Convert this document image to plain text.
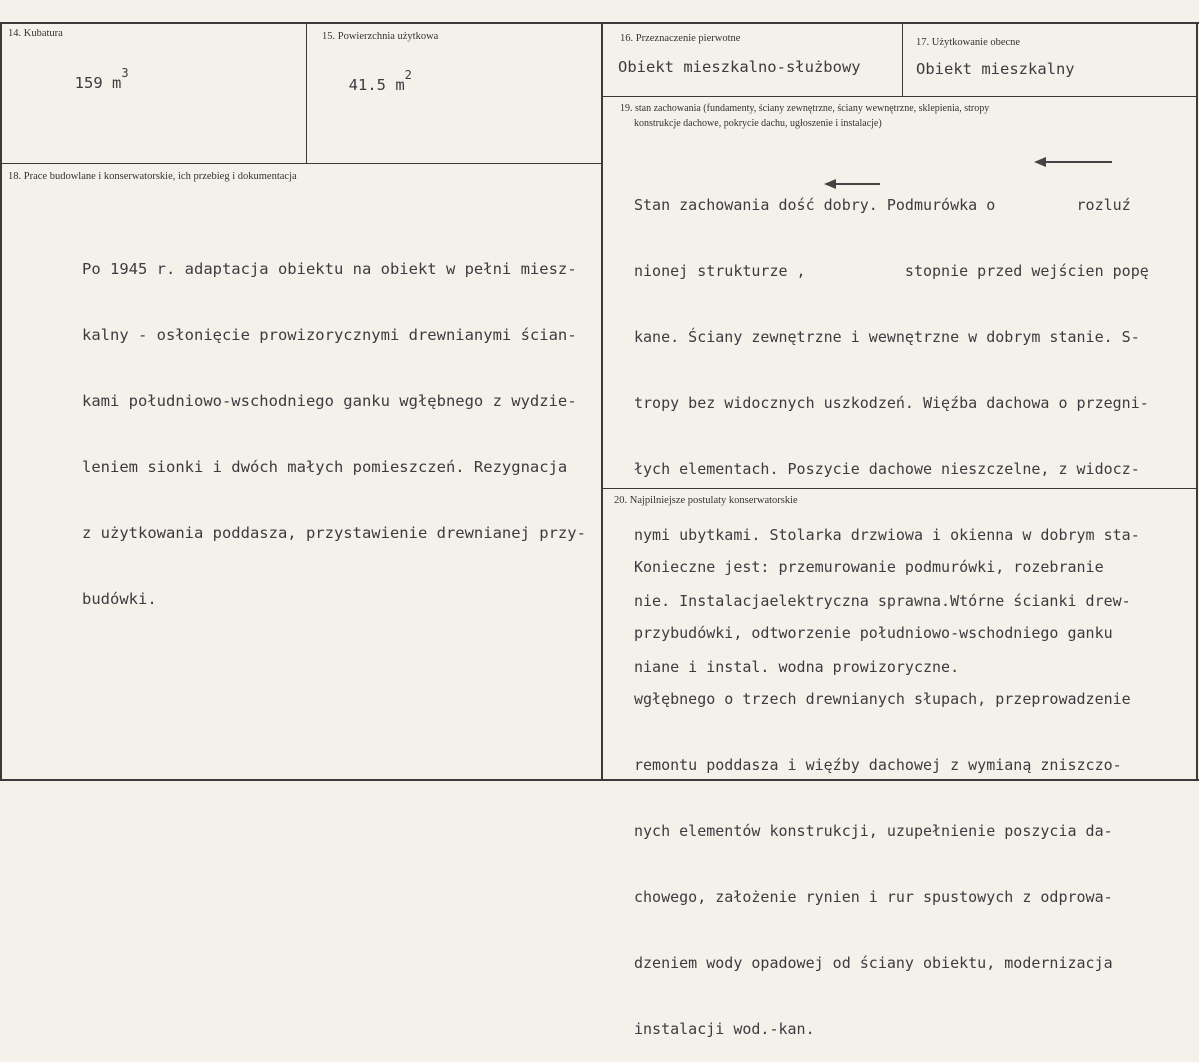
14. Kubatura

159 $m^3$

15. Powierzchnia użytkowa

41.5 $m^2$

16. Przeznaczenie pierwotne
Obiekt mieszkalno-służbowy
17. Użytkowanie obecne
Obiekt mieszkalny
18. Prace budowlane i konserwatorskie, ich przebieg i dokumentacja

Po 1945 r. adaptacja obiektu na obiekt w pełni miesz-

kalny - osłonięcie prowizorycznymi drewnianymi ścian-

kami południowo-wschodniego ganku wgłębnego z wydzie-

leniem sionki i dwóch małych pomieszczeń. Rezygnacja

z użytkowania poddasza, przystawienie drewnianej przy-

budówki.

19. stan zachowania (fundamenty, ściany zewnętrzne, ściany wewnętrzne, sklepienia, stropy
konstrukcje dachowe, pokrycie dachu, ugłoszenie i instalacje)

Stan zachowania dość dobry. Podmurówka o         rozluź

nionej strukturze ,           stopnie przed wejścien popę

kane. Ściany zewnętrzne i wewnętrzne w dobrym stanie. S-

tropy bez widocznych uszkodzeń. Więźba dachowa o przegni-

łych elementach. Poszycie dachowe nieszczelne, z widocz-

nymi ubytkami. Stolarka drzwiowa i okienna w dobrym sta-

nie. Instalacjaelektryczna sprawna.Wtórne ścianki drew-

niane i instal. wodna prowizoryczne.

20. Najpilniejsze postulaty konserwatorskie

Konieczne jest: przemurowanie podmurówki, rozebranie

przybudówki, odtworzenie południowo-wschodniego ganku

wgłębnego o trzech drewnianych słupach, przeprowadzenie

remontu poddasza i więźby dachowej z wymianą zniszczo-

nych elementów konstrukcji, uzupełnienie poszycia da-

chowego, założenie rynien i rur spustowych z odprowa-

dzeniem wody opadowej od ściany obiektu, modernizacja

instalacji wod.-kan.
